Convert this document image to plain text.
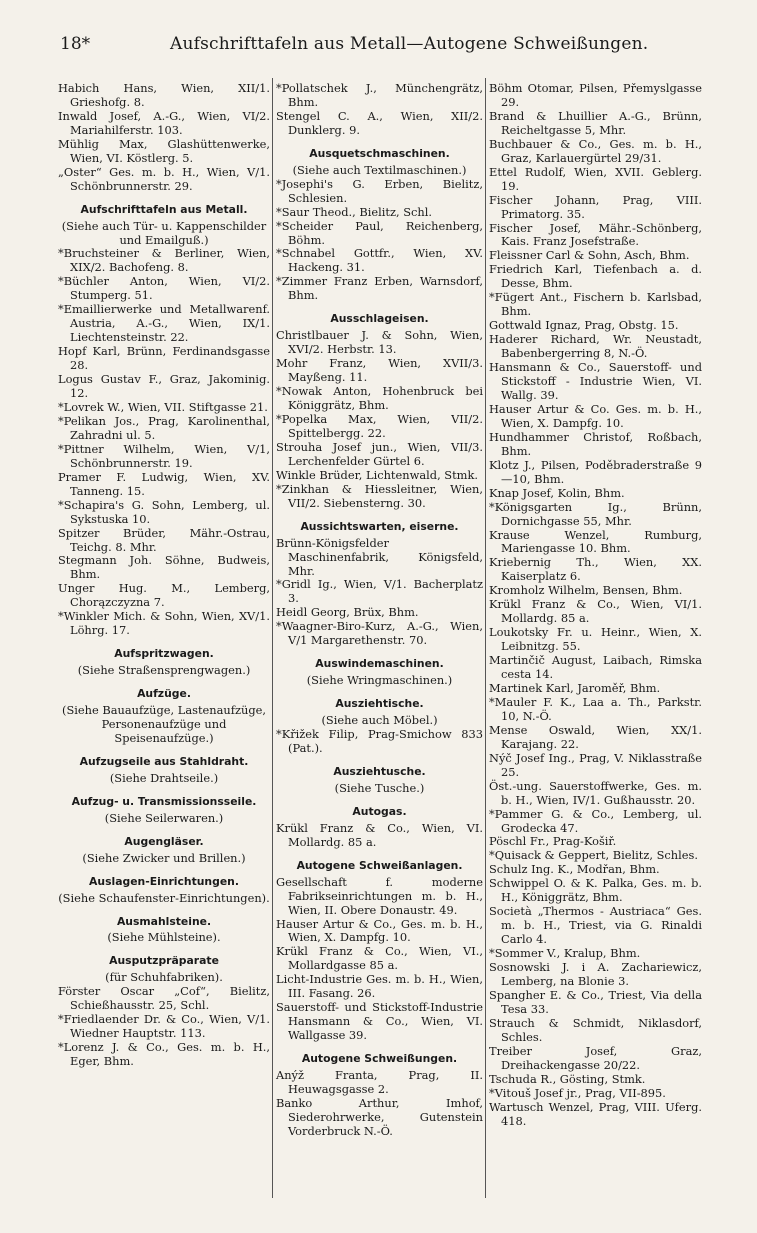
18*	Aufschrifttafeln aus Metall—Autogene Schweißungen.
Habich Hans, Wien, XII/1. Grieshofg. 8.
Inwald Josef, A.-G., Wien, VI/2. Mariahilferstr. 103.
Mühlig Max, Glashüttenwerke, Wien, VI. Köstlerg. 5.
„Oster“ Ges. m. b. H., Wien, V/1. Schönbrunnerstr. 29.
Aufschrifttafeln aus Metall.
(Siehe auch Tür- u. Kappenschilder und Emailguß.)
*Bruchsteiner & Berliner, Wien, XIX/2. Bachofeng. 8.
*Büchler Anton, Wien, VI/2. Stumperg. 51.
*Emaillierwerke und Metallwarenf. Austria, A.-G., Wien, IX/1. Liechtensteinstr. 22.
Hopf Karl, Brünn, Ferdinandsgasse 28.
Logus Gustav F., Graz, Jakominig. 12.
*Lovrek W., Wien, VII. Stiftgasse 21.
*Pelikan Jos., Prag, Karolinenthal, Zahradni ul. 5.
*Pittner Wilhelm, Wien, V/1, Schönbrunnerstr. 19.
Pramer F. Ludwig, Wien, XV. Tanneng. 15.
*Schapira's G. Sohn, Lemberg, ul. Sykstuska 10.
Spitzer Brüder, Mähr.-Ostrau, Teichg. 8. Mhr.
Stegmann Joh. Söhne, Budweis, Bhm.
Unger Hug. M., Lemberg, Chorązczyzna 7.
*Winkler Mich. & Sohn, Wien, XV/1. Löhrg. 17.
Aufspritzwagen.
(Siehe Straßensprengwagen.)
Aufzüge.
(Siehe Bauaufzüge, Lastenaufzüge, Personenaufzüge und Speisenaufzüge.)
Aufzugseile aus Stahldraht.
(Siehe Drahtseile.)
Aufzug- u. Transmissionsseile.
(Siehe Seilerwaren.)
Augengläser.
(Siehe Zwicker und Brillen.)
Auslagen-Einrichtungen.
(Siehe Schaufenster-Einrichtungen).
Ausmahlsteine.
(Siehe Mühlsteine).
Ausputzpräparate
(für Schuhfabriken).
Förster Oscar „Cof“, Bielitz, Schießhausstr. 25, Schl.
*Friedlaender Dr. & Co., Wien, V/1. Wiedner Hauptstr. 113.
*Lorenz J. & Co., Ges. m. b. H., Eger, Bhm.
*Pollatschek J., Münchengrätz, Bhm.
Stengel C. A., Wien, XII/2. Dunklerg. 9.
Ausquetschmaschinen.
(Siehe auch Textilmaschinen.)
*Josephi's G. Erben, Bielitz, Schlesien.
*Saur Theod., Bielitz, Schl.
*Scheider Paul, Reichenberg, Böhm.
*Schnabel Gottfr., Wien, XV. Hackeng. 31.
*Zimmer Franz Erben, Warnsdorf, Bhm.
Ausschlageisen.
Christlbauer J. & Sohn, Wien, XVI/2. Herbstr. 13.
Mohr Franz, Wien, XVII/3. Mayßeng. 11.
*Nowak Anton, Hohenbruck bei Königgrätz, Bhm.
*Popelka Max, Wien, VII/2. Spittelbergg. 22.
Strouha Josef jun., Wien, VII/3. Lerchenfelder Gürtel 6.
Winkle Brüder, Lichtenwald, Stmk.
*Zinkhan & Hiessleitner, Wien, VII/2. Siebensterng. 30.
Aussichtswarten, eiserne.
Brünn-Königsfelder Maschinenfabrik, Königsfeld, Mhr.
*Gridl Ig., Wien, V/1. Bacherplatz 3.
Heidl Georg, Brüx, Bhm.
*Waagner-Biro-Kurz, A.-G., Wien, V/1 Margarethenstr. 70.
Auswindemaschinen.
(Siehe Wringmaschinen.)
Ausziehtische.
(Siehe auch Möbel.)
*Křižek Filip, Prag-Smichow 833 (Pat.).
Ausziehtusche.
(Siehe Tusche.)
Autogas.
Krükl Franz & Co., Wien, VI. Mollardg. 85 a.
Autogene Schweißanlagen.
Gesellschaft f. moderne Fabrikseinrichtungen m. b. H., Wien, II. Obere Donaustr. 49.
Hauser Artur & Co., Ges. m. b. H., Wien, X. Dampfg. 10.
Krükl Franz & Co., Wien, VI., Mollardgasse 85 a.
Licht-Industrie Ges. m. b. H., Wien, III. Fasang. 26.
Sauerstoff- und Stickstoff-Industrie Hansmann & Co., Wien, VI. Wallgasse 39.
Autogene Schweißungen.
Anýž Franta, Prag, II. Heuwagsgasse 2.
Banko Arthur, Imhof, Siederohrwerke, Gutenstein Vorderbruck N.-Ö.
Böhm Otomar, Pilsen, Přemyslgasse 29.
Brand & Lhuillier A.-G., Brünn, Reicheltgasse 5, Mhr.
Buchbauer & Co., Ges. m. b. H., Graz, Karlauergürtel 29/31.
Ettel Rudolf, Wien, XVII. Geblerg. 19.
Fischer Johann, Prag, VIII. Primatorg. 35.
Fischer Josef, Mähr.-Schönberg, Kais. Franz Josefstraße.
Fleissner Carl & Sohn, Asch, Bhm.
Friedrich Karl, Tiefenbach a. d. Desse, Bhm.
*Fügert Ant., Fischern b. Karlsbad, Bhm.
Gottwald Ignaz, Prag, Obstg. 15.
Haderer Richard, Wr. Neustadt, Babenbergerring 8, N.-Ö.
Hansmann & Co., Sauerstoff- und Stickstoff - Industrie Wien, VI. Wallg. 39.
Hauser Artur & Co. Ges. m. b. H., Wien, X. Dampfg. 10.
Hundhammer Christof, Roßbach, Bhm.
Klotz J., Pilsen, Poděbraderstraße 9—10, Bhm.
Knap Josef, Kolin, Bhm.
*Königsgarten Ig., Brünn, Dornichgasse 55, Mhr.
Krause Wenzel, Rumburg, Mariengasse 10. Bhm.
Kriebernig Th., Wien, XX. Kaiserplatz 6.
Kromholz Wilhelm, Bensen, Bhm.
Krükl Franz & Co., Wien, VI/1. Mollardg. 85 a.
Loukotsky Fr. u. Heinr., Wien, X. Leibnitzg. 55.
Martinčič August, Laibach, Rimska cesta 14.
Martinek Karl, Jaroměř, Bhm.
*Mauler F. K., Laa a. Th., Parkstr. 10, N.-Ö.
Mense Oswald, Wien, XX/1. Karajang. 22.
Nýč Josef Ing., Prag, V. Niklasstraße 25.
Öst.-ung. Sauerstoffwerke, Ges. m. b. H., Wien, IV/1. Gußhausstr. 20.
*Pammer G. & Co., Lemberg, ul. Grodecka 47.
Pöschl Fr., Prag-Košiř.
*Quisack & Geppert, Bielitz, Schles.
Schulz Ing. K., Modřan, Bhm.
Schwippel O. & K. Palka, Ges. m. b. H., Königgrätz, Bhm.
Società „Thermos - Austriaca“ Ges. m. b. H., Triest, via G. Rinaldi Carlo 4.
*Sommer V., Kralup, Bhm.
Sosnowski J. i A. Zachariewicz, Lemberg, na Blonie 3.
Spangher E. & Co., Triest, Via della Tesa 33.
Strauch & Schmidt, Niklasdorf, Schles.
Treiber Josef, Graz, Dreihackengasse 20/22.
Tschuda R., Gösting, Stmk.
*Vitouš Josef jr., Prag, VII-895.
Wartusch Wenzel, Prag, VIII. Uferg. 418.
